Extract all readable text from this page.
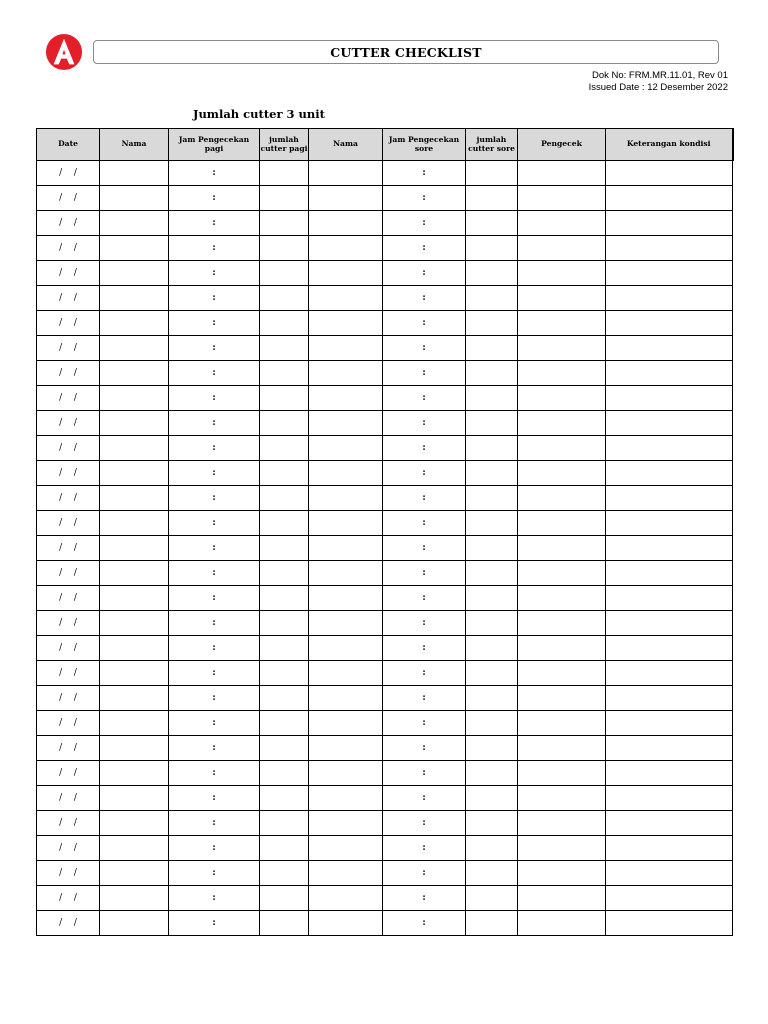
CUTTER CHECKLIST
Dok No: FRM.MR.11.01, Rev 01
Issued Date : 12 Desember 2022
Jumlah cutter 3 unit
Date	Nama	Jam Pengecekan pagi	jumlah cutter pagi	Nama	Jam Pengecekan sore	jumlah cutter sore	Pengecek	Keterangan kondisi
/  /		:			:			
/  /		:			:			
/  /		:			:			
/  /		:			:			
/  /		:			:			
/  /		:			:			
/  /		:			:			
/  /		:			:			
/  /		:			:			
/  /		:			:			
/  /		:			:			
/  /		:			:			
/  /		:			:			
/  /		:			:			
/  /		:			:			
/  /		:			:			
/  /		:			:			
/  /		:			:			
/  /		:			:			
/  /		:			:			
/  /		:			:			
/  /		:			:			
/  /		:			:			
/  /		:			:			
/  /		:			:			
/  /		:			:			
/  /		:			:			
/  /		:			:			
/  /		:			:			
/  /		:			:			
/  /		:			:			
